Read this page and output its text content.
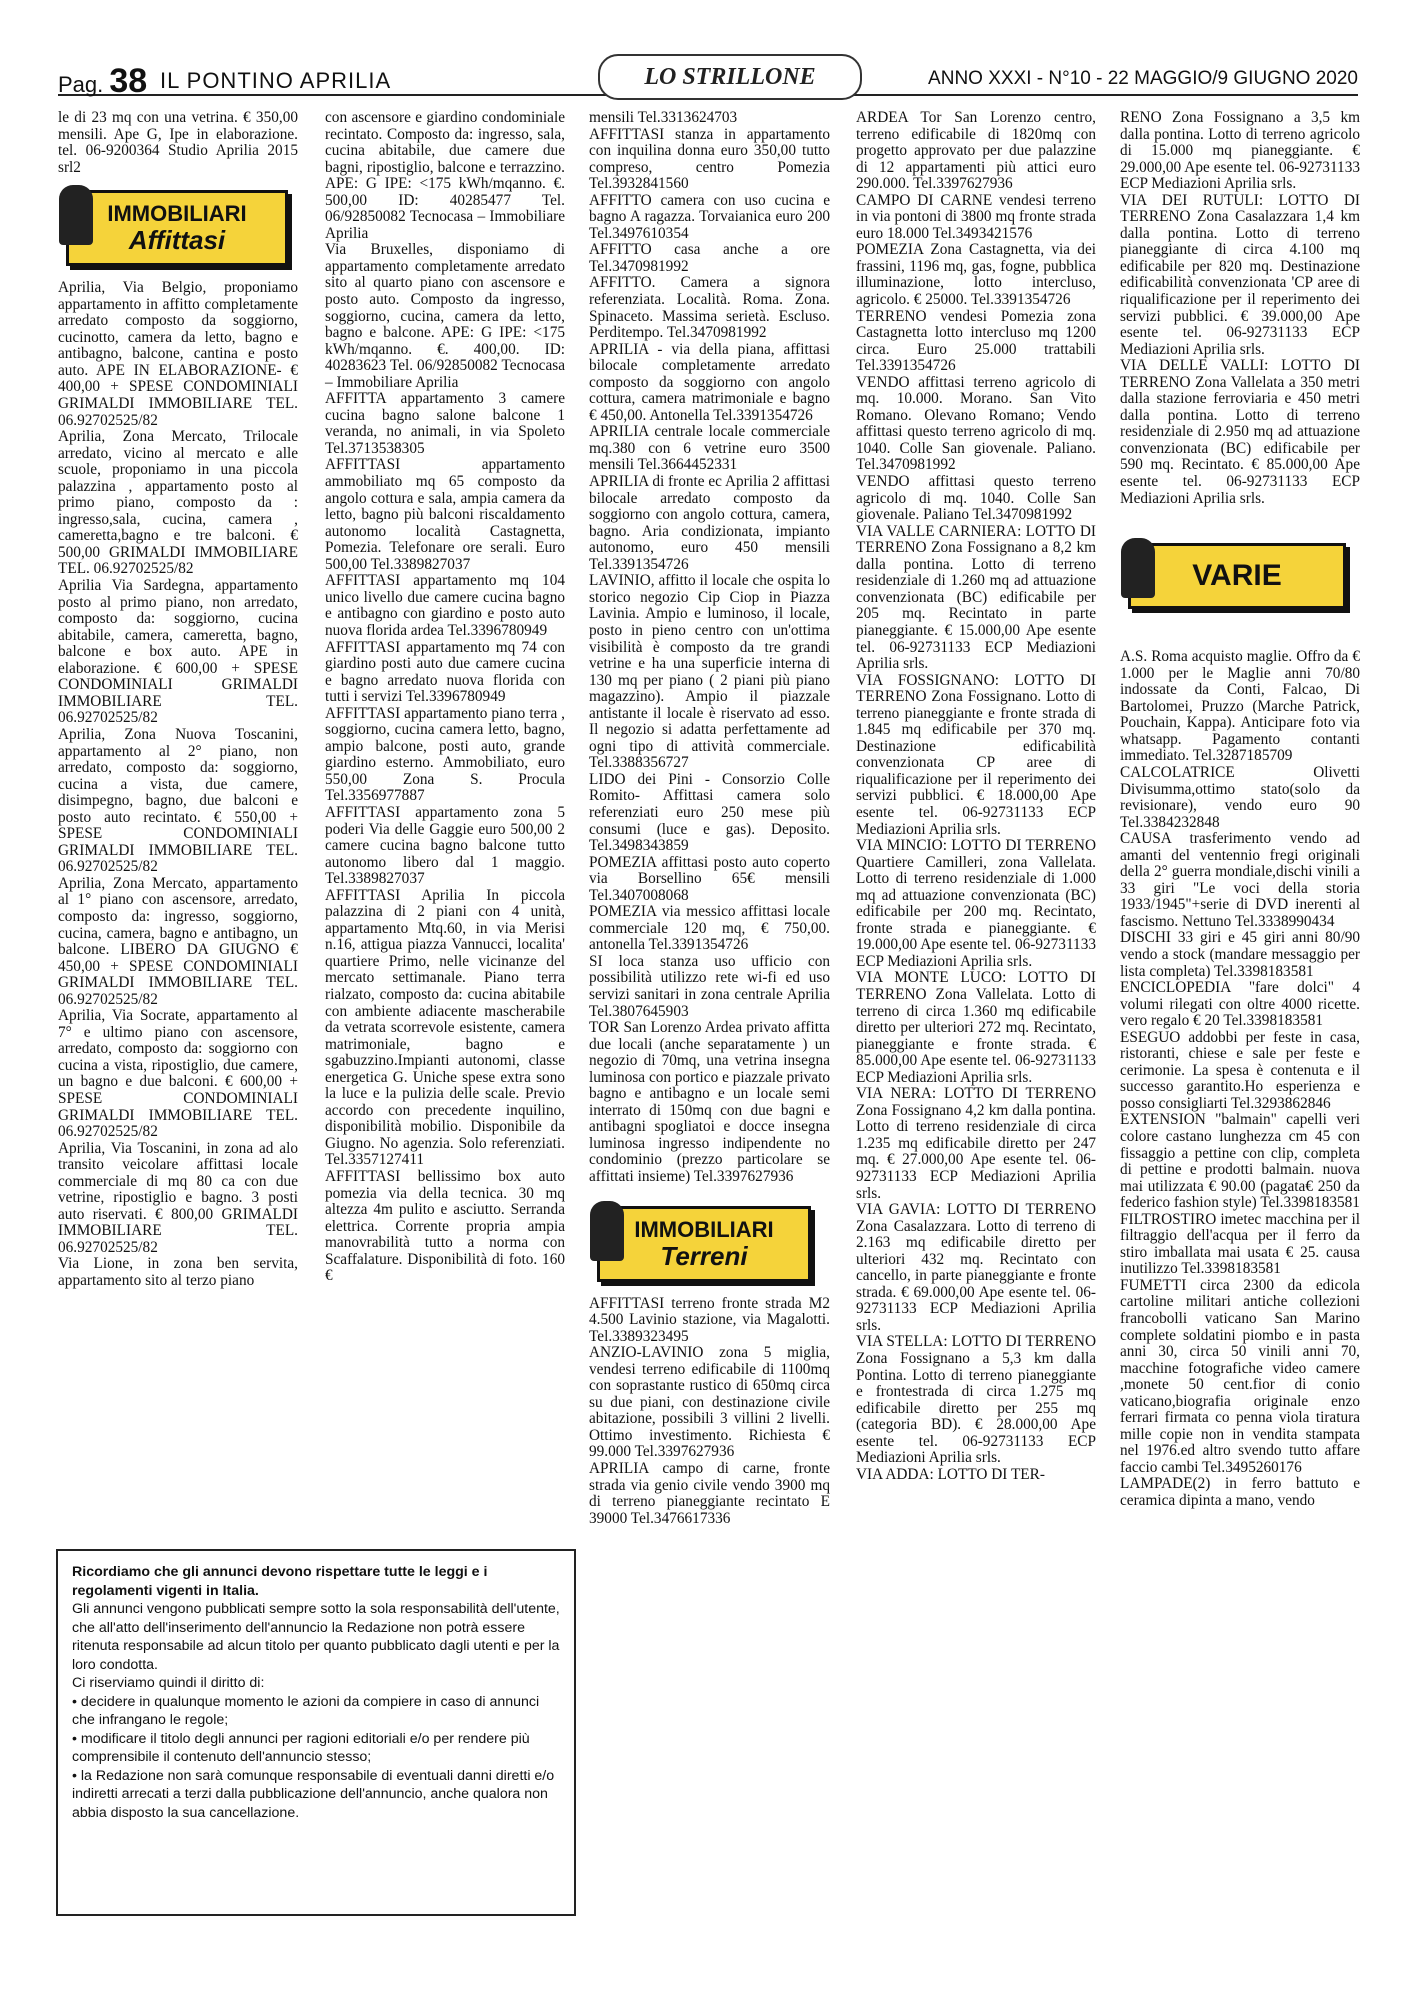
Pag. 38 IL PONTINO APRILIA	LO STRILLONE	ANNO XXXI - N°10 - 22 MAGGIO/9 GIUGNO 2020

le di 23 mq con una vetrina. € 350,00 mensili. Ape G, Ipe in elaborazione. tel. 06-9200364 Studio Aprilia 2015 srl2

IMMOBILIARI
Affittasi

Aprilia, Via Belgio, proponiamo appartamento in affitto completamente arredato composto da soggiorno, cucinotto, camera da letto, bagno e antibagno, balcone, cantina e posto auto. APE IN ELABORAZIONE- € 400,00 + SPESE CONDOMINIALI GRIMALDI IMMOBILIARE TEL. 06.92702525/82

Aprilia, Zona Mercato, Trilocale arredato, vicino al mercato e alle scuole, proponiamo in una piccola palazzina , appartamento posto al primo piano, composto da : ingresso,sala, cucina, camera , cameretta,bagno e tre balconi. € 500,00 GRIMALDI IMMOBILIARE TEL. 06.92702525/82

Aprilia Via Sardegna, appartamento posto al primo piano, non arredato, composto da: soggiorno, cucina abitabile, camera, cameretta, bagno, balcone e box auto. APE in elaborazione. € 600,00 + SPESE CONDOMINIALI GRIMALDI IMMOBILIARE TEL. 06.92702525/82

Aprilia, Zona Nuova Toscanini, appartamento al 2° piano, non arredato, composto da: soggiorno, cucina a vista, due camere, disimpegno, bagno, due balconi e posto auto recintato. € 550,00 + SPESE CONDOMINIALI GRIMALDI IMMOBILIARE TEL. 06.92702525/82

Aprilia, Zona Mercato, appartamento al 1° piano con ascensore, arredato, composto da: ingresso, soggiorno, cucina, camera, bagno e antibagno, un balcone. LIBERO DA GIUGNO € 450,00 + SPESE CONDOMINIALI GRIMALDI IMMOBILIARE TEL. 06.92702525/82

Aprilia, Via Socrate, appartamento al 7° e ultimo piano con ascensore, arredato, composto da: soggiorno con cucina a vista, ripostiglio, due camere, un bagno e due balconi. € 600,00 + SPESE CONDOMINIALI GRIMALDI IMMOBILIARE TEL. 06.92702525/82

Aprilia, Via Toscanini, in zona ad alo transito veicolare affittasi locale commerciale di mq 80 ca con due vetrine, ripostiglio e bagno. 3 posti auto riservati. € 800,00 GRIMALDI IMMOBILIARE TEL. 06.92702525/82

Via Lione, in zona ben servita, appartamento sito al terzo piano

con ascensore e giardino condominiale recintato. Composto da: ingresso, sala, cucina abitabile, due camere due bagni, ripostiglio, balcone e terrazzino. APE: G IPE: <175 kWh/mqanno. €. 500,00 ID: 40285477 Tel. 06/92850082 Tecnocasa – Immobiliare Aprilia

Via Bruxelles, disponiamo di appartamento completamente arredato sito al quarto piano con ascensore e posto auto. Composto da ingresso, soggiorno, cucina, camera da letto, bagno e balcone. APE: G IPE: <175 kWh/mqanno. €. 400,00. ID: 40283623 Tel. 06/92850082 Tecnocasa – Immobiliare Aprilia

AFFITTA appartamento 3 camere cucina bagno salone balcone 1 veranda, no animali, in via Spoleto Tel.3713538305

AFFITTASI appartamento ammobiliato mq 65 composto da angolo cottura e sala, ampia camera da letto, bagno più balconi riscaldamento autonomo località Castagnetta, Pomezia. Telefonare ore serali. Euro 500,00 Tel.3389827037

AFFITTASI appartamento mq 104 unico livello due camere cucina bagno e antibagno con giardino e posto auto nuova florida ardea Tel.3396780949

AFFITTASI appartamento mq 74 con giardino posti auto due camere cucina e bagno arredato nuova florida con tutti i servizi Tel.3396780949

AFFITTASI appartamento piano terra , soggiorno, cucina camera letto, bagno, ampio balcone, posti auto, grande giardino esterno. Ammobiliato, euro 550,00 Zona S. Procula Tel.3356977887

AFFITTASI appartamento zona 5 poderi Via delle Gaggie euro 500,00 2 camere cucina bagno balcone tutto autonomo libero dal 1 maggio. Tel.3389827037

AFFITTASI Aprilia In piccola palazzina di 2 piani con 4 unità, appartamento Mtq.60, in via Merisi n.16, attigua piazza Vannucci, localita' quartiere Primo, nelle vicinanze del mercato settimanale. Piano terra rialzato, composto da: cucina abitabile con ambiente adiacente mascherabile da vetrata scorrevole esistente, camera matrimoniale, bagno e sgabuzzino.Impianti autonomi, classe energetica G. Uniche spese extra sono la luce e la pulizia delle scale. Previo accordo con precedente inquilino, disponibilità mobilio. Disponibile da Giugno. No agenzia. Solo referenziati. Tel.3357127411

AFFITTASI bellissimo box auto pomezia via della tecnica. 30 mq altezza 4m pulito e asciutto. Serranda elettrica. Corrente propria ampia manovrabilità tutto a norma con Scaffalature. Disponibilità di foto. 160 €

mensili Tel.3313624703

AFFITTASI stanza in appartamento con inquilina donna euro 350,00 tutto compreso, centro Pomezia Tel.3932841560

AFFITTO camera con uso cucina e bagno A ragazza. Torvaianica euro 200 Tel.3497610354

AFFITTO casa anche a ore Tel.3470981992

AFFITTO. Camera a signora referenziata. Località. Roma. Zona. Spinaceto. Massima serietà. Escluso. Perditempo. Tel.3470981992

APRILIA - via della piana, affittasi bilocale completamente arredato composto da soggiorno con angolo cottura, camera matrimoniale e bagno € 450,00. Antonella Tel.3391354726

APRILIA centrale locale commerciale mq.380 con 6 vetrine euro 3500 mensili Tel.3664452331

APRILIA di fronte ec Aprilia 2 affittasi bilocale arredato composto da soggiorno con angolo cottura, camera, bagno. Aria condizionata, impianto autonomo, euro 450 mensili Tel.3391354726

LAVINIO, affitto il locale che ospita lo storico negozio Cip Ciop in Piazza Lavinia. Ampio e luminoso, il locale, posto in pieno centro con un'ottima visibilità è composto da tre grandi vetrine e ha una superficie interna di 130 mq per piano ( 2 piani più piano magazzino). Ampio il piazzale antistante il locale è riservato ad esso. Il negozio si adatta perfettamente ad ogni tipo di attività commerciale. Tel.3388356727

LIDO dei Pini - Consorzio Colle Romito- Affittasi camera solo referenziati euro 250 mese più consumi (luce e gas). Deposito. Tel.3498343859

POMEZIA affittasi posto auto coperto via Borsellino 65€ mensili Tel.3407008068

POMEZIA via messico affittasi locale commerciale 120 mq, € 750,00. antonella Tel.3391354726

SI loca stanza uso ufficio con possibilità utilizzo rete wi-fi ed uso servizi sanitari in zona centrale Aprilia Tel.3807645903

TOR San Lorenzo Ardea privato affitta due locali (anche separatamente ) un negozio di 70mq, una vetrina insegna luminosa con portico e piazzale privato bagno e antibagno e un locale semi interrato di 150mq con due bagni e antibagni spogliatoi e docce insegna luminosa ingresso indipendente no condominio (prezzo particolare se affittati insieme) Tel.3397627936

IMMOBILIARI
Terreni

AFFITTASI terreno fronte strada M2 4.500 Lavinio stazione, via Magalotti. Tel.3389323495

ANZIO-LAVINIO zona 5 miglia, vendesi terreno edificabile di 1100mq con soprastante rustico di 650mq circa su due piani, con destinazione civile abitazione, possibili 3 villini 2 livelli. Ottimo investimento. Richiesta € 99.000 Tel.3397627936

APRILIA campo di carne, fronte strada via genio civile vendo 3900 mq di terreno pianeggiante recintato E 39000 Tel.3476617336

ARDEA Tor San Lorenzo centro, terreno edificabile di 1820mq con progetto approvato per due palazzine di 12 appartamenti più attici euro 290.000. Tel.3397627936

CAMPO DI CARNE vendesi terreno in via pontoni di 3800 mq fronte strada euro 18.000 Tel.3493421576

POMEZIA Zona Castagnetta, via dei frassini, 1196 mq, gas, fogne, pubblica illuminazione, lotto intercluso, agricolo. € 25000. Tel.3391354726

TERRENO vendesi Pomezia zona Castagnetta lotto intercluso mq 1200 circa. Euro 25.000 trattabili Tel.3391354726

VENDO affittasi terreno agricolo di mq. 10.000. Morano. San Vito Romano. Olevano Romano; Vendo affittasi questo terreno agricolo di mq. 1040. Colle San giovenale. Paliano. Tel.3470981992

VENDO affittasi questo terreno agricolo di mq. 1040. Colle San giovenale. Paliano Tel.3470981992

VIA VALLE CARNIERA: LOTTO DI TERRENO Zona Fossignano a 8,2 km dalla pontina. Lotto di terreno residenziale di 1.260 mq ad attuazione convenzionata (BC) edificabile per 205 mq. Recintato in parte pianeggiante. € 15.000,00 Ape esente tel. 06-92731133 ECP Mediazioni Aprilia srls.

VIA FOSSIGNANO: LOTTO DI TERRENO Zona Fossignano. Lotto di terreno pianeggiante e fronte strada di 1.845 mq edificabile per 370 mq. Destinazione edificabilità convenzionata CP aree di riqualificazione per il reperimento dei servizi pubblici. € 18.000,00 Ape esente tel. 06-92731133 ECP Mediazioni Aprilia srls.

VIA MINCIO: LOTTO DI TERRENO Quartiere Camilleri, zona Vallelata. Lotto di terreno residenziale di 1.000 mq ad attuazione convenzionata (BC) edificabile per 200 mq. Recintato, fronte strada e pianeggiante. € 19.000,00 Ape esente tel. 06-92731133 ECP Mediazioni Aprilia srls.

VIA MONTE LUCO: LOTTO DI TERRENO Zona Vallelata. Lotto di terreno di circa 1.360 mq edificabile diretto per ulteriori 272 mq. Recintato, pianeggiante e fronte strada. € 85.000,00 Ape esente tel. 06-92731133 ECP Mediazioni Aprilia srls.

VIA NERA: LOTTO DI TERRENO Zona Fossignano 4,2 km dalla pontina. Lotto di terreno residenziale di circa 1.235 mq edificabile diretto per 247 mq. € 27.000,00 Ape esente tel. 06-92731133 ECP Mediazioni Aprilia srls.

VIA GAVIA: LOTTO DI TERRENO Zona Casalazzara. Lotto di terreno di 2.163 mq edificabile diretto per ulteriori 432 mq. Recintato con cancello, in parte pianeggiante e fronte strada. € 69.000,00 Ape esente tel. 06-92731133 ECP Mediazioni Aprilia srls.

VIA STELLA: LOTTO DI TERRENO Zona Fossignano a 5,3 km dalla Pontina. Lotto di terreno pianeggiante e frontestrada di circa 1.275 mq edificabile diretto per 255 mq (categoria BD). € 28.000,00 Ape esente tel. 06-92731133 ECP Mediazioni Aprilia srls.

VIA ADDA: LOTTO DI TER-

RENO Zona Fossignano a 3,5 km dalla pontina. Lotto di terreno agricolo di 15.000 mq pianeggiante. € 29.000,00 Ape esente tel. 06-92731133 ECP Mediazioni Aprilia srls.

VIA DEI RUTULI: LOTTO DI TERRENO Zona Casalazzara 1,4 km dalla pontina. Lotto di terreno pianeggiante di circa 4.100 mq edificabile per 820 mq. Destinazione edificabilità convenzionata 'CP aree di riqualificazione per il reperimento dei servizi pubblici. € 39.000,00 Ape esente tel. 06-92731133 ECP Mediazioni Aprilia srls.

VIA DELLE VALLI: LOTTO DI TERRENO Zona Vallelata a 350 metri dalla stazione ferroviaria e 450 metri dalla pontina. Lotto di terreno residenziale di 2.950 mq ad attuazione convenzionata (BC) edificabile per 590 mq. Recintato. € 85.000,00 Ape esente tel. 06-92731133 ECP Mediazioni Aprilia srls.

VARIE

A.S. Roma acquisto maglie. Offro da € 1.000 per le Maglie anni 70/80 indossate da Conti, Falcao, Di Bartolomei, Pruzzo (Marche Patrick, Pouchain, Kappa). Anticipare foto via whatsapp. Pagamento contanti immediato. Tel.3287185709

CALCOLATRICE Olivetti Divisumma,ottimo stato(solo da revisionare), vendo euro 90 Tel.3384232848

CAUSA trasferimento vendo ad amanti del ventennio fregi originali della 2° guerra mondiale,dischi vinili a 33 giri "Le voci della storia 1933/1945"+serie di DVD inerenti al fascismo. Nettuno Tel.3338990434

DISCHI 33 giri e 45 giri anni 80/90 vendo a stock (mandare messaggio per lista completa) Tel.3398183581

ENCICLOPEDIA "fare dolci" 4 volumi rilegati con oltre 4000 ricette. vero regalo € 20 Tel.3398183581

ESEGUO addobbi per feste in casa, ristoranti, chiese e sale per feste e cerimonie. La spesa è contenuta e il successo garantito.Ho esperienza e posso consigliarti Tel.3293862846

EXTENSION "balmain" capelli veri colore castano lunghezza cm 45 con fissaggio a pettine con clip, completa di pettine e prodotti balmain. nuova mai utilizzata € 90.00 (pagata€ 250 da federico fashion style) Tel.3398183581

FILTROSTIRO imetec macchina per il filtraggio dell'acqua per il ferro da stiro imballata mai usata € 25. causa inutilizzo Tel.3398183581

FUMETTI circa 2300 da edicola cartoline militari antiche collezioni francobolli vaticano San Marino complete soldatini piombo e in pasta anni 30, circa 50 vinili anni 70, macchine fotografiche video camere ,monete 50 cent.fior di conio vaticano,biografia originale enzo ferrari firmata co penna viola tiratura mille copie non in vendita stampata nel 1976.ed altro svendo tutto affare faccio cambi Tel.3495260176

LAMPADE(2) in ferro battuto e ceramica dipinta a mano, vendo

Ricordiamo che gli annunci devono rispettare tutte le leggi e i regolamenti vigenti in Italia.
Gli annunci vengono pubblicati sempre sotto la sola responsabilità dell'utente, che all'atto dell'inserimento dell'annuncio la Redazione non potrà essere ritenuta responsabile ad alcun titolo per quanto pubblicato dagli utenti e per la loro condotta.
Ci riserviamo quindi il diritto di:
• decidere in qualunque momento le azioni da compiere in caso di annunci che infrangano le regole;
• modificare il titolo degli annunci per ragioni editoriali e/o per rendere più comprensibile il contenuto dell'annuncio stesso;
• la Redazione non sarà comunque responsabile di eventuali danni diretti e/o indiretti arrecati a terzi dalla pubblicazione dell'annuncio, anche qualora non abbia disposto la sua cancellazione.
